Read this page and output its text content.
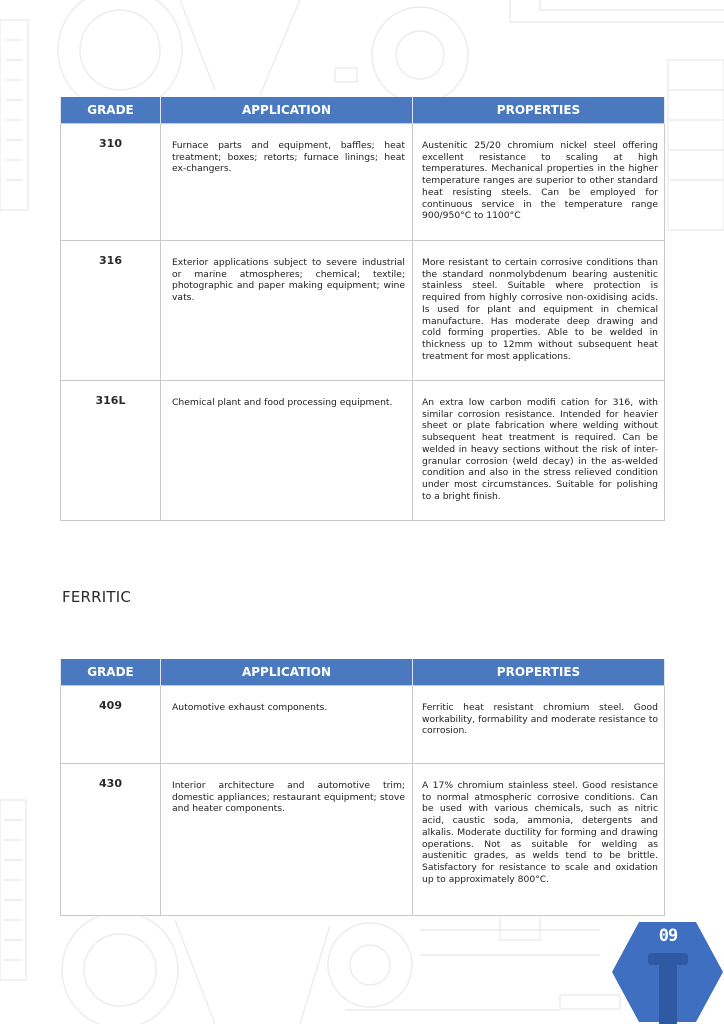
GRADE	APPLICATION	PROPERTIES
310	Furnace parts and equipment, baffles; heat treatment; boxes; retorts; furnace linings; heat ex-changers.	Austenitic 25/20 chromium nickel steel offering excellent resistance to scaling at high temperatures. Mechanical properties in the higher temperature ranges are superior to other standard heat resisting steels. Can be employed for continuous service in the temperature range 900/950°C to 1100°C
316	Exterior applications subject to severe industrial or marine atmospheres; chemical; textile; photographic and paper making equipment; wine vats.	More resistant to certain corrosive conditions than the standard nonmolybdenum bearing austenitic stainless steel. Suitable where protection is required from highly corrosive non-oxidising acids. Is used for plant and equipment in chemical manufacture. Has moderate deep drawing and cold forming properties. Able to be welded in thickness up to 12mm without subsequent heat treatment for most applications.
316L	Chemical plant and food processing equipment.	An extra low carbon modifi cation for 316, with similar corrosion resistance. Intended for heavier sheet or plate fabrication where welding without subsequent heat treatment is required. Can be welded in heavy sections without the risk of inter-granular corrosion (weld decay) in the as-welded condition and also in the stress relieved condition under most circumstances. Suitable for polishing to a bright finish.
FERRITIC
GRADE	APPLICATION	PROPERTIES
409	Automotive exhaust components.	Ferritic heat resistant chromium steel. Good workability, formability and moderate resistance to corrosion.
430	Interior architecture and automotive trim; domestic appliances; restaurant equipment; stove and heater components.	A 17% chromium stainless steel. Good resistance to normal atmospheric corrosive conditions. Can be used with various chemicals, such as nitric acid, caustic soda, ammonia, detergents and alkalis. Moderate ductility for forming and drawing operations. Not as suitable for welding as austenitic grades, as welds tend to be brittle. Satisfactory for resistance to scale and oxidation up to approximately 800°C.
09
